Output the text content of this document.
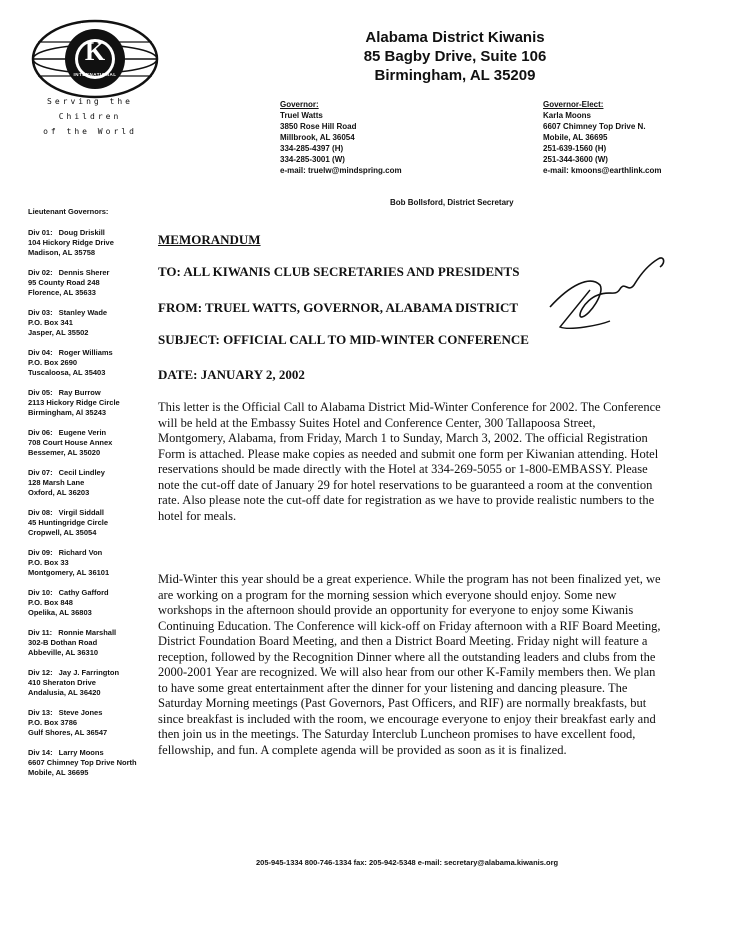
K
KIWANIS
INTERNATIONAL
Serving the
Children
of the World
Alabama District Kiwanis
85 Bagby Drive, Suite 106
Birmingham, AL 35209
Governor:
Truel Watts
3850 Rose Hill Road
Millbrook, AL 36054
334-285-4397 (H)
334-285-3001 (W)
e-mail: truelw@mindspring.com
Governor-Elect:
Karla Moons
6607 Chimney Top Drive N.
Mobile, AL 36695
251-639-1560 (H)
251-344-3600 (W)
e-mail: kmoons@earthlink.com
Bob Bollsford, District Secretary
Lieutenant Governors:
Div 01: Doug Driskill
104 Hickory Ridge Drive
Madison, AL 35758
Div 02: Dennis Sherer
95 County Road 248
Florence, AL 35633
Div 03: Stanley Wade
P.O. Box 341
Jasper, AL 35502
Div 04: Roger Williams
P.O. Box 2690
Tuscaloosa, AL 35403
Div 05: Ray Burrow
2113 Hickory Ridge Circle
Birmingham, Al 35243
Div 06: Eugene Verin
708 Court House Annex
Bessemer, AL 35020
Div 07: Cecil Lindley
128 Marsh Lane
Oxford, AL 36203
Div 08: Virgil Siddall
45 Huntingridge Circle
Cropwell, AL 35054
Div 09: Richard Von
P.O. Box 33
Montgomery, AL 36101
Div 10: Cathy Gafford
P.O. Box 848
Opelika, AL 36803
Div 11: Ronnie Marshall
302-B Dothan Road
Abbeville, AL 36310
Div 12: Jay J. Farrington
410 Sheraton Drive
Andalusia, AL 36420
Div 13: Steve Jones
P.O. Box 3786
Gulf Shores, AL 36547
Div 14: Larry Moons
6607 Chimney Top Drive North
Mobile, AL 36695

MEMORANDUM

TO: ALL KIWANIS CLUB SECRETARIES AND PRESIDENTS

FROM: TRUEL WATTS, GOVERNOR, ALABAMA DISTRICT

SUBJECT: OFFICIAL CALL TO MID-WINTER CONFERENCE

DATE: JANUARY 2, 2002

This letter is the Official Call to Alabama District Mid-Winter Conference for 2002. The Conference will be held at the Embassy Suites Hotel and Conference Center, 300 Tallapoosa Street, Montgomery, Alabama, from Friday, March 1 to Sunday, March 3, 2002. The official Registration Form is attached. Please make copies as needed and submit one form per Kiwanian attending. Hotel reservations should be made directly with the Hotel at 334-269-5055 or 1-800-EMBASSY. Please note the cut-off date of January 29 for hotel reservations to be guaranteed a room at the convention rate. Also please note the cut-off date for registration as we have to provide realistic numbers to the hotel for meals.

Mid-Winter this year should be a great experience. While the program has not been finalized yet, we are working on a program for the morning session which everyone should enjoy. Some new workshops in the afternoon should provide an opportunity for everyone to enjoy some Kiwanis Continuing Education. The Conference will kick-off on Friday afternoon with a RIF Board Meeting, District Foundation Board Meeting, and then a District Board Meeting. Friday night will feature a reception, followed by the Recognition Dinner where all the outstanding leaders and clubs from the 2000-2001 Year are recognized. We will also hear from our other K-Family members then. We plan to have some great entertainment after the dinner for your listening and dancing pleasure. The Saturday Morning meetings (Past Governors, Past Officers, and RIF) are normally breakfasts, but since breakfast is included with the room, we encourage everyone to enjoy their breakfast early and then join us in the meetings. The Saturday Interclub Luncheon promises to have excellent food, fellowship, and fun. A complete agenda will be provided as soon as it is finalized.

205-945-1334 800-746-1334 fax: 205-942-5348 e-mail: secretary@alabama.kiwanis.org
